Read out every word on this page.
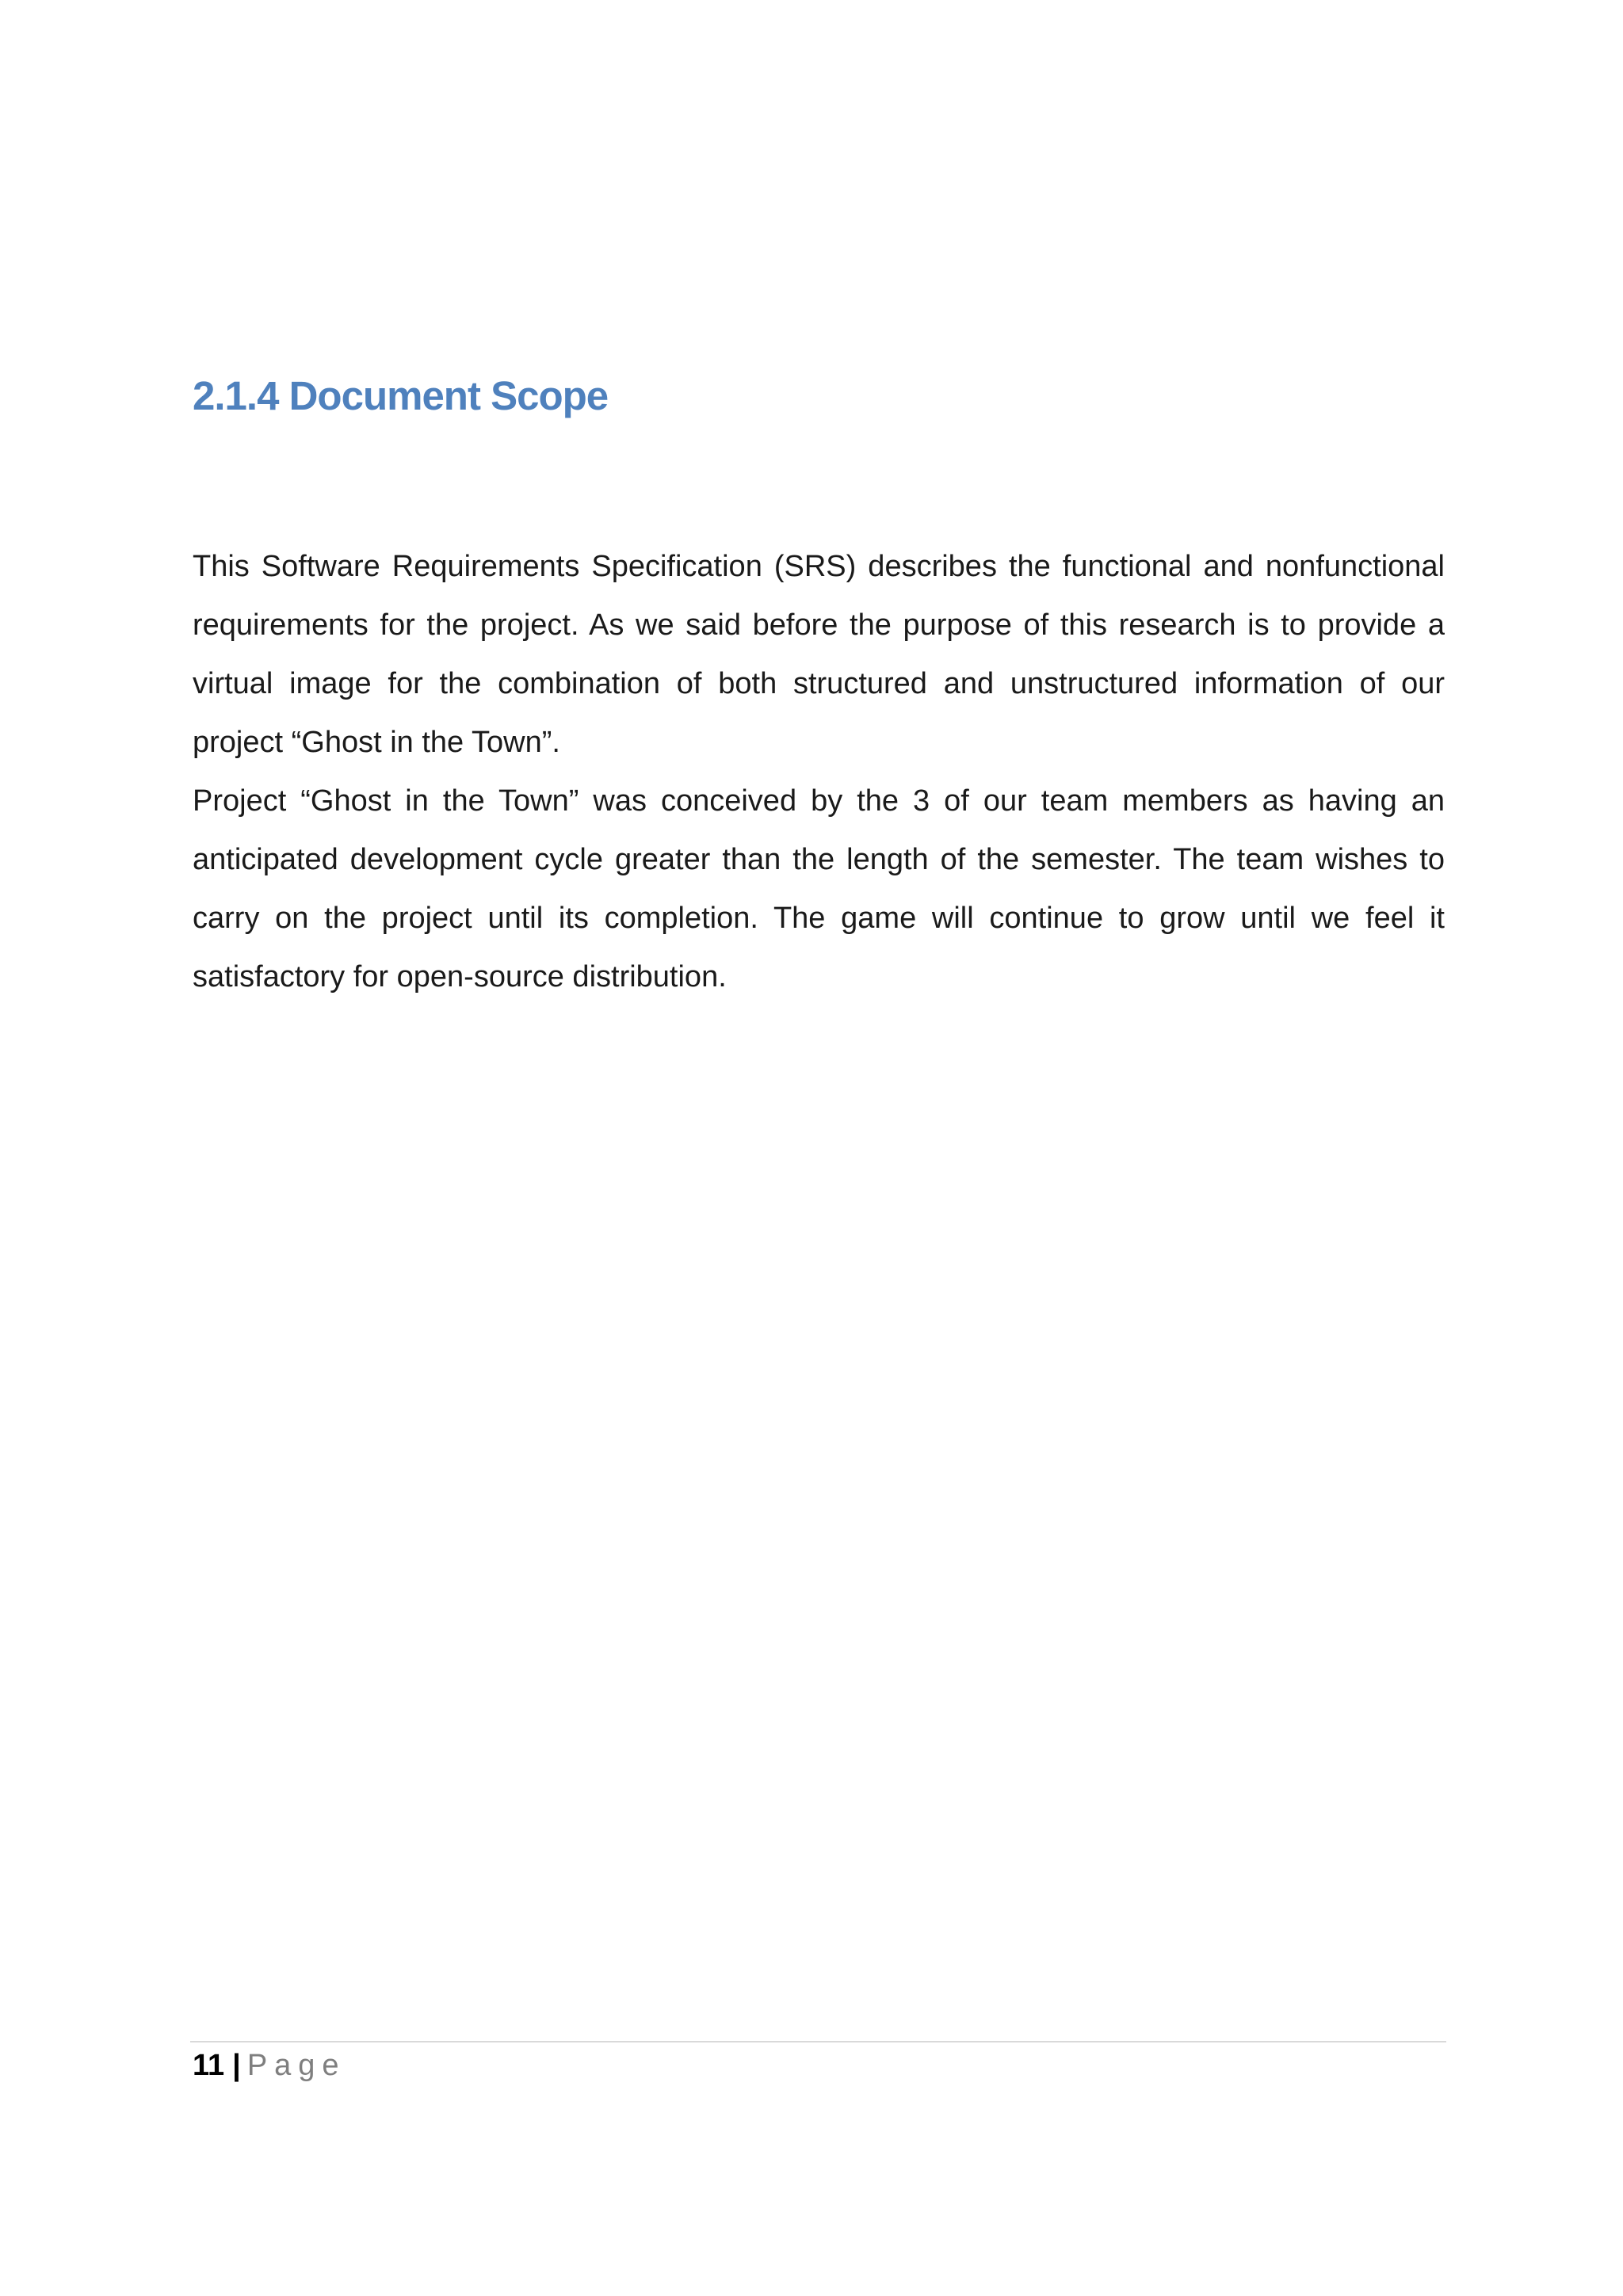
2.1.4 Document Scope

This Software Requirements Specification (SRS) describes the functional and nonfunctional requirements for the project. As we said before the purpose of this research is to provide a virtual image for the combination of both structured and unstructured information of our project “Ghost in the Town”.

Project “Ghost in the Town” was conceived by the 3 of our team members as having an anticipated development cycle greater than the length of the semester. The team wishes to carry on the project until its completion. The game will continue to grow until we feel it satisfactory for open-source distribution.

11 | Page
